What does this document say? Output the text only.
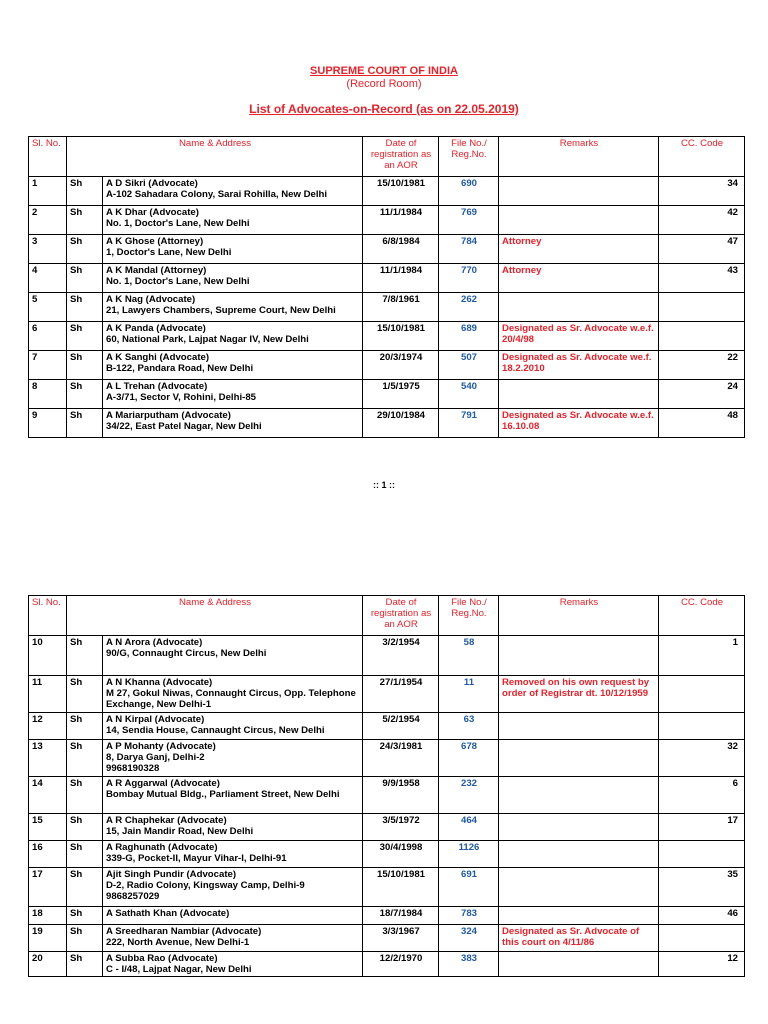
SUPREME COURT OF INDIA
(Record Room)
List of Advocates-on-Record (as on 22.05.2019)
Sl. No.	Name & Address		Date of registration as an AOR	File No./ Reg.No.	Remarks	CC. Code
1	Sh	A D Sikri (Advocate)
A-102 Sahadara Colony, Sarai Rohilla, New Delhi	15/10/1981	690		34
2	Sh	A K Dhar (Advocate)
No. 1, Doctor's Lane, New Delhi	11/1/1984	769		42
3	Sh	A K Ghose (Attorney)
1, Doctor's Lane, New Delhi	6/8/1984	784	Attorney	47
4	Sh	A K Mandal (Attorney)
No. 1, Doctor's Lane, New Delhi	11/1/1984	770	Attorney	43
5	Sh	A K Nag (Advocate)
21, Lawyers Chambers, Supreme Court, New Delhi	7/8/1961	262		
6	Sh	A K Panda (Advocate)
60, National Park, Lajpat Nagar IV, New Delhi	15/10/1981	689	Designated as Sr. Advocate w.e.f. 20/4/98	
7	Sh	A K Sanghi (Advocate)
B-122, Pandara Road, New Delhi	20/3/1974	507	Designated as Sr. Advocate we.f. 18.2.2010	22
8	Sh	A L Trehan (Advocate)
A-3/71, Sector V, Rohini, Delhi-85	1/5/1975	540		24
9	Sh	A Mariarputham (Advocate)
34/22, East Patel Nagar, New Delhi	29/10/1984	791	Designated as Sr. Advocate w.e.f. 16.10.08	48
:: 1 ::
Sl. No.	Name & Address		Date of registration as an AOR	File No./ Reg.No.	Remarks	CC. Code
10	Sh	A N Arora (Advocate)
90/G, Connaught Circus, New Delhi	3/2/1954	58		1
11	Sh	A N Khanna (Advocate)
M 27, Gokul Niwas, Connaught Circus, Opp. Telephone Exchange, New Delhi-1	27/1/1954	11	Removed on his own request by order of Registrar dt. 10/12/1959	
12	Sh	A N Kirpal (Advocate)
14, Sendia House, Cannaught Circus, New Delhi	5/2/1954	63		
13	Sh	A P Mohanty (Advocate)
8, Darya Ganj, Delhi-2
9968190328	24/3/1981	678		32
14	Sh	A R Aggarwal (Advocate)
Bombay Mutual Bldg., Parliament Street, New Delhi	9/9/1958	232		6
15	Sh	A R Chaphekar (Advocate)
15, Jain Mandir Road, New Delhi	3/5/1972	464		17
16	Sh	A Raghunath (Advocate)
339-G, Pocket-II, Mayur Vihar-I, Delhi-91	30/4/1998	1126		
17	Sh	Ajit Singh Pundir (Advocate)
D-2, Radio Colony, Kingsway Camp, Delhi-9
9868257029	15/10/1981	691		35
18	Sh	A Sathath Khan (Advocate)	18/7/1984	783		46
19	Sh	A Sreedharan Nambiar (Advocate)
222, North Avenue, New Delhi-1	3/3/1967	324	Designated as Sr. Advocate of this court on 4/11/86	
20	Sh	A Subba Rao (Advocate)
C - I/48, Lajpat Nagar, New Delhi	12/2/1970	383		12
